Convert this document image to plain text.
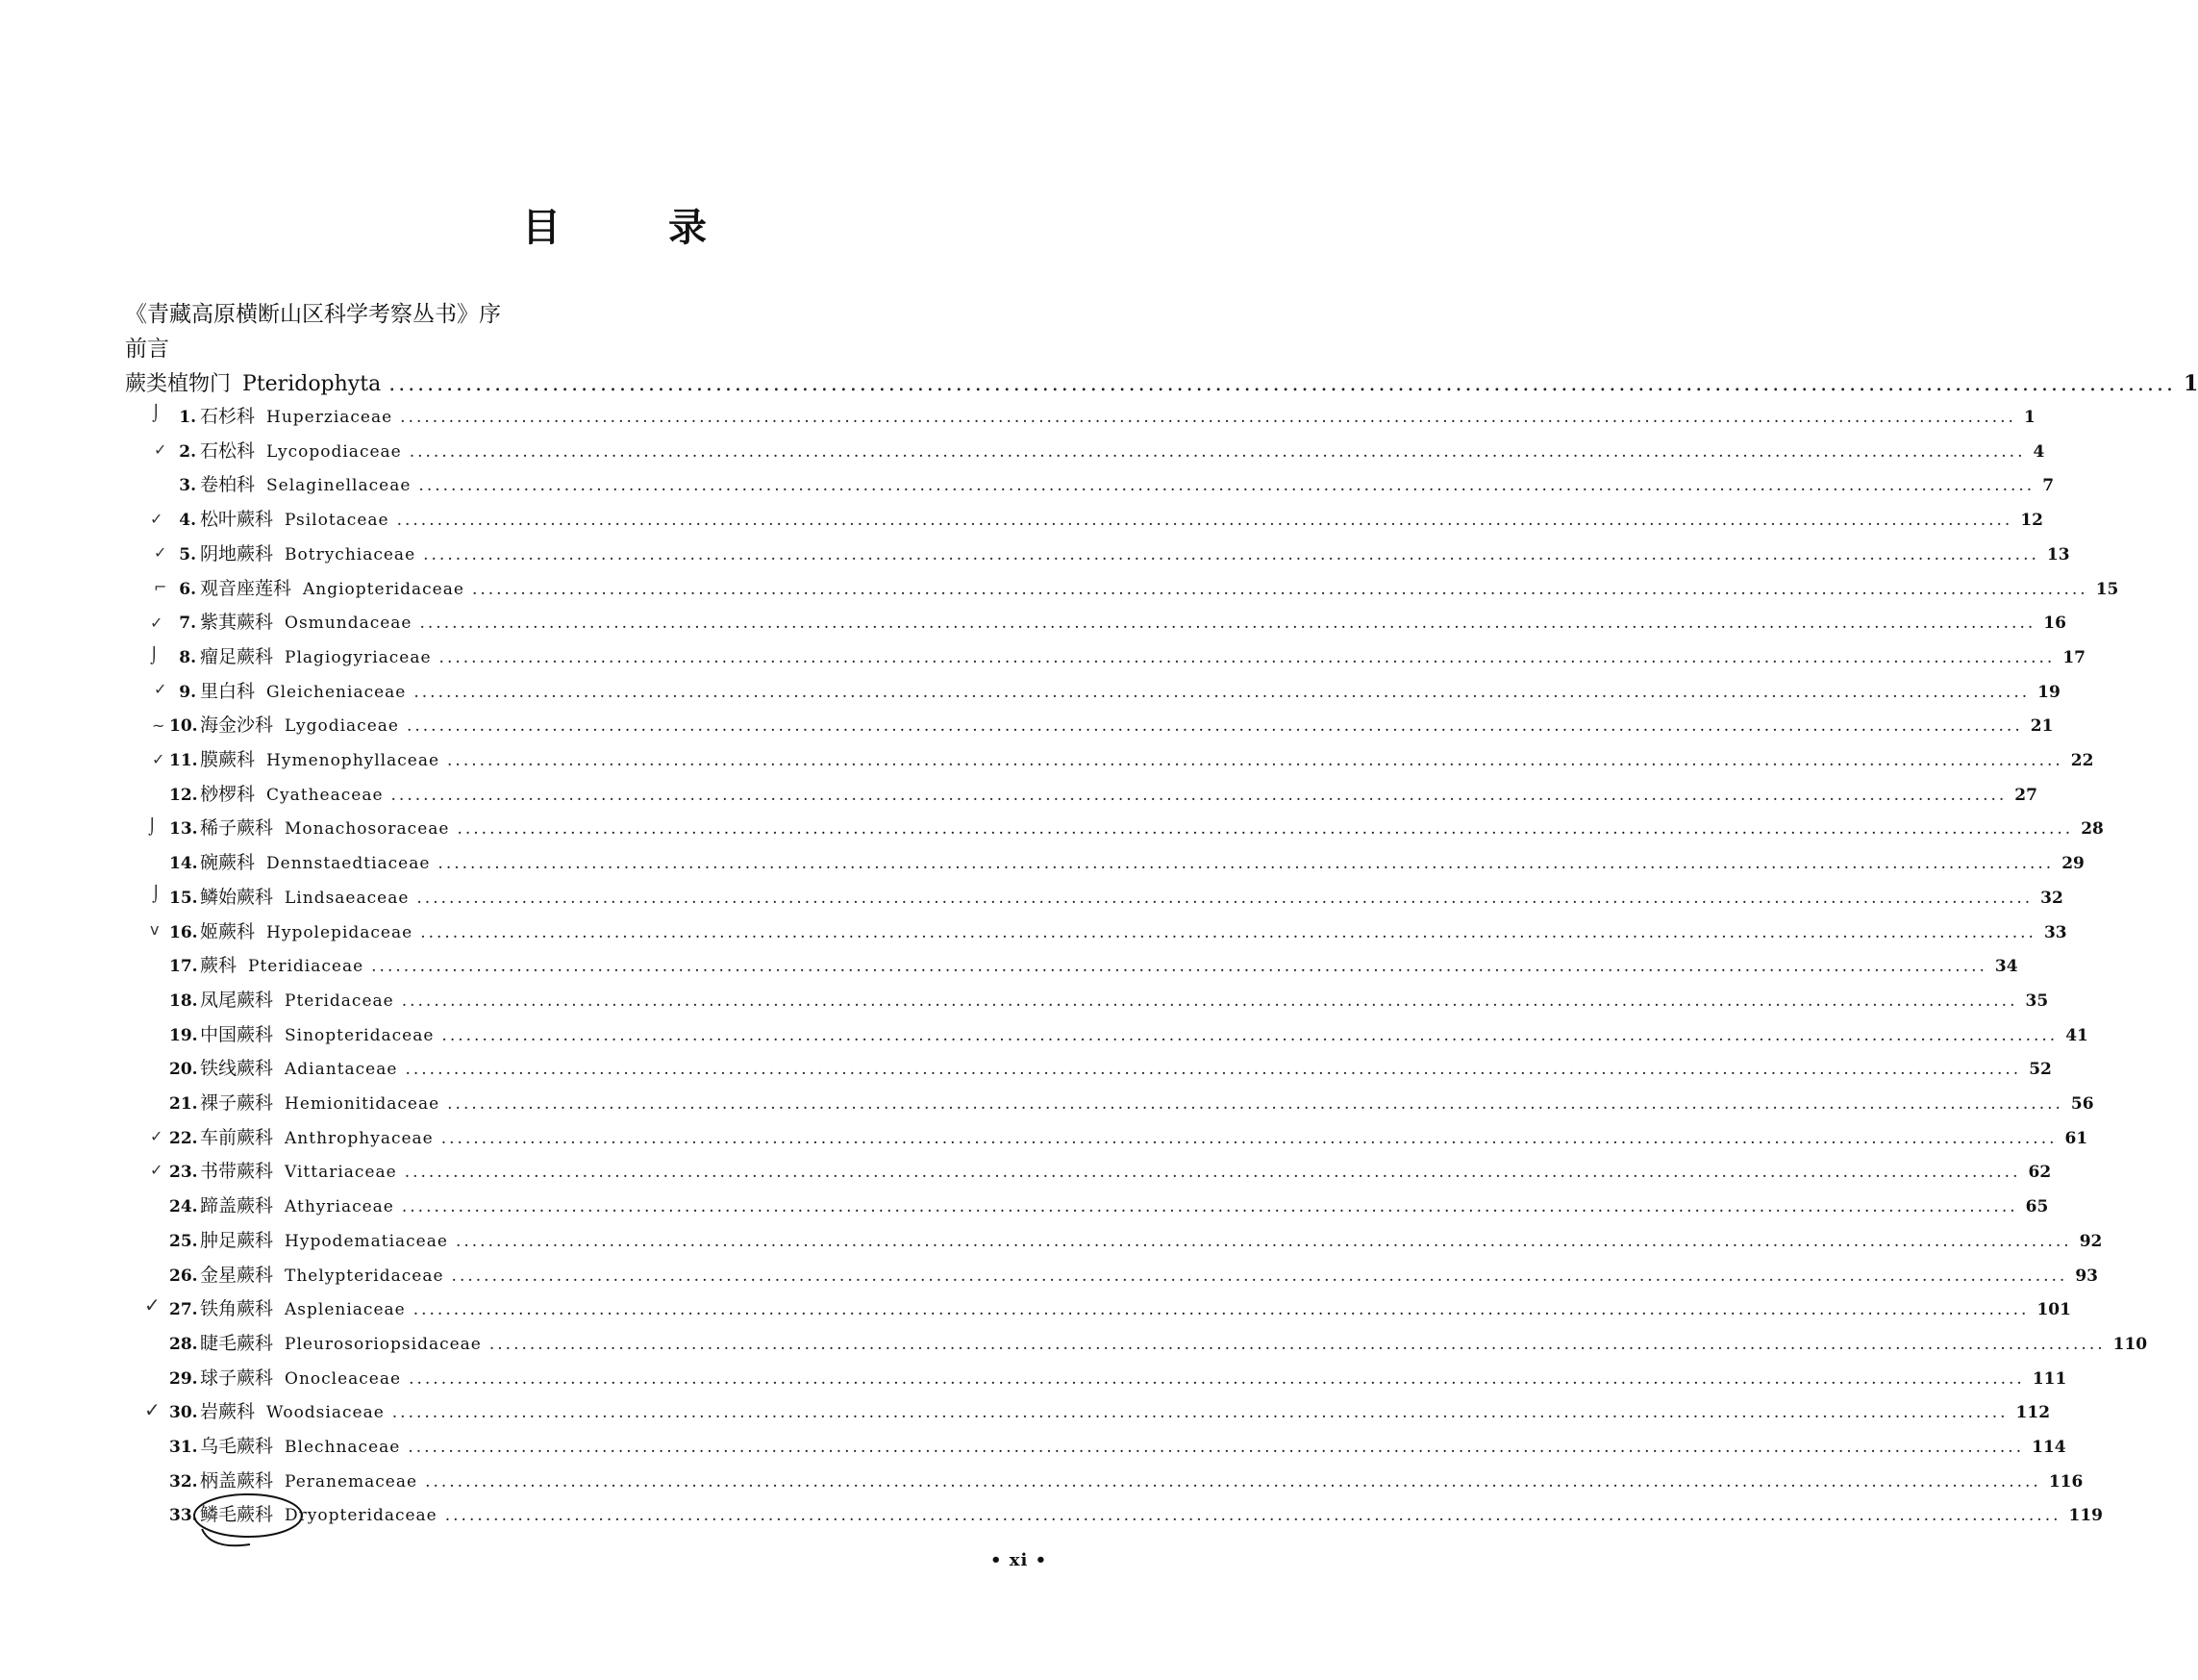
目	录
《青藏高原横断山区科学考察丛书》序
前言
蕨类植物门 Pteridophyta .......................................................................................................................................................................................... 1
1. 石杉科 Huperziaceae ........................................................................................................................................................................................................ 1
2. 石松科 Lycopodiaceae ........................................................................................................................................................................................................ 4
3. 卷柏科 Selaginellaceae ........................................................................................................................................................................................................ 7
4. 松叶蕨科 Psilotaceae ........................................................................................................................................................................................................ 12
5. 阴地蕨科 Botrychiaceae ........................................................................................................................................................................................................ 13
6. 观音座莲科 Angiopteridaceae ........................................................................................................................................................................................................ 15
7. 紫萁蕨科 Osmundaceae ........................................................................................................................................................................................................ 16
8. 瘤足蕨科 Plagiogyriaceae ........................................................................................................................................................................................................ 17
9. 里白科 Gleicheniaceae ........................................................................................................................................................................................................ 19
10. 海金沙科 Lygodiaceae ........................................................................................................................................................................................................ 21
11. 膜蕨科 Hymenophyllaceae ........................................................................................................................................................................................................ 22
12. 桫椤科 Cyatheaceae ........................................................................................................................................................................................................ 27
13. 稀子蕨科 Monachosoraceae ........................................................................................................................................................................................................ 28
14. 碗蕨科 Dennstaedtiaceae ........................................................................................................................................................................................................ 29
15. 鳞始蕨科 Lindsaeaceae ........................................................................................................................................................................................................ 32
16. 姬蕨科 Hypolepidaceae ........................................................................................................................................................................................................ 33
17. 蕨科 Pteridiaceae ........................................................................................................................................................................................................ 34
18. 凤尾蕨科 Pteridaceae ........................................................................................................................................................................................................ 35
19. 中国蕨科 Sinopteridaceae ........................................................................................................................................................................................................ 41
20. 铁线蕨科 Adiantaceae ........................................................................................................................................................................................................ 52
21. 裸子蕨科 Hemionitidaceae ........................................................................................................................................................................................................ 56
22. 车前蕨科 Anthrophyaceae ........................................................................................................................................................................................................ 61
23. 书带蕨科 Vittariaceae ........................................................................................................................................................................................................ 62
24. 蹄盖蕨科 Athyriaceae ........................................................................................................................................................................................................ 65
25. 肿足蕨科 Hypodematiaceae ........................................................................................................................................................................................................ 92
26. 金星蕨科 Thelypteridaceae ........................................................................................................................................................................................................ 93
27. 铁角蕨科 Aspleniaceae ........................................................................................................................................................................................................ 101
28. 睫毛蕨科 Pleurosoriopsidaceae ........................................................................................................................................................................................................ 110
29. 球子蕨科 Onocleaceae ........................................................................................................................................................................................................ 111
30. 岩蕨科 Woodsiaceae ........................................................................................................................................................................................................ 112
31. 乌毛蕨科 Blechnaceae ........................................................................................................................................................................................................ 114
32. 柄盖蕨科 Peranemaceae ........................................................................................................................................................................................................ 116
33. 鳞毛蕨科 Dryopteridaceae ........................................................................................................................................................................................................ 119
• xi •
⌡
✓
✓
✓
⌐
✓
⌡
✓
~
✓
⌡
⌡
v
✓
✓
✓
✓
